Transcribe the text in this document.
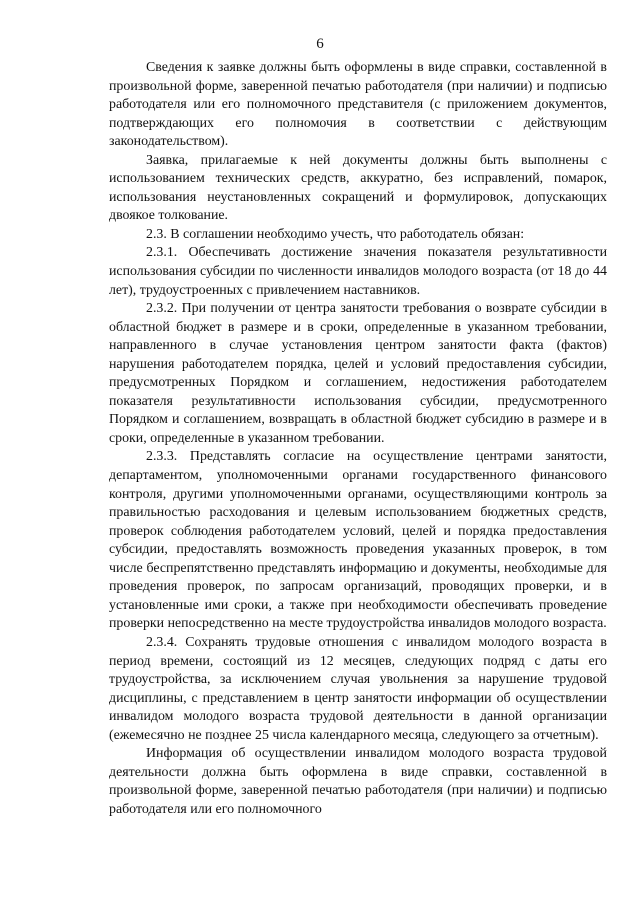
6

Сведения к заявке должны быть оформлены в виде справки, составленной в произвольной форме, заверенной печатью работодателя (при наличии) и подписью работодателя или его полномочного представителя (с приложением документов, подтверждающих его полномочия в соответствии с действующим законодательством).

Заявка, прилагаемые к ней документы должны быть выполнены с использованием технических средств, аккуратно, без исправлений, помарок, использования неустановленных сокращений и формулировок, допускающих двоякое толкование.

2.3. В соглашении необходимо учесть, что работодатель обязан:

2.3.1. Обеспечивать достижение значения показателя результативности использования субсидии по численности инвалидов молодого возраста (от 18 до 44 лет), трудоустроенных с привлечением наставников.

2.3.2. При получении от центра занятости требования о возврате субсидии в областной бюджет в размере и в сроки, определенные в указанном требовании, направленного в случае установления центром занятости факта (фактов) нарушения работодателем порядка, целей и условий предоставления субсидии, предусмотренных Порядком и соглашением, недостижения работодателем показателя результативности использования субсидии, предусмотренного Порядком и соглашением, возвращать в областной бюджет субсидию в размере и в сроки, определенные в указанном требовании.

2.3.3. Представлять согласие на осуществление центрами занятости, департаментом, уполномоченными органами государственного финансового контроля, другими уполномоченными органами, осуществляющими контроль за правильностью расходования и целевым использованием бюджетных средств, проверок соблюдения работодателем условий, целей и порядка предоставления субсидии, предоставлять возможность проведения указанных проверок, в том числе беспрепятственно представлять информацию и документы, необходимые для проведения проверок, по запросам организаций, проводящих проверки, и в установленные ими сроки, а также при необходимости обеспечивать проведение проверки непосредственно на месте трудоустройства инвалидов молодого возраста.

2.3.4. Сохранять трудовые отношения с инвалидом молодого возраста в период времени, состоящий из 12 месяцев, следующих подряд с даты его трудоустройства, за исключением случая увольнения за нарушение трудовой дисциплины, с представлением в центр занятости информации об осуществлении инвалидом молодого возраста трудовой деятельности в данной организации (ежемесячно не позднее 25 числа календарного месяца, следующего за отчетным).

Информация об осуществлении инвалидом молодого возраста трудовой деятельности должна быть оформлена в виде справки, составленной в произвольной форме, заверенной печатью работодателя (при наличии) и подписью работодателя или его полномочного
